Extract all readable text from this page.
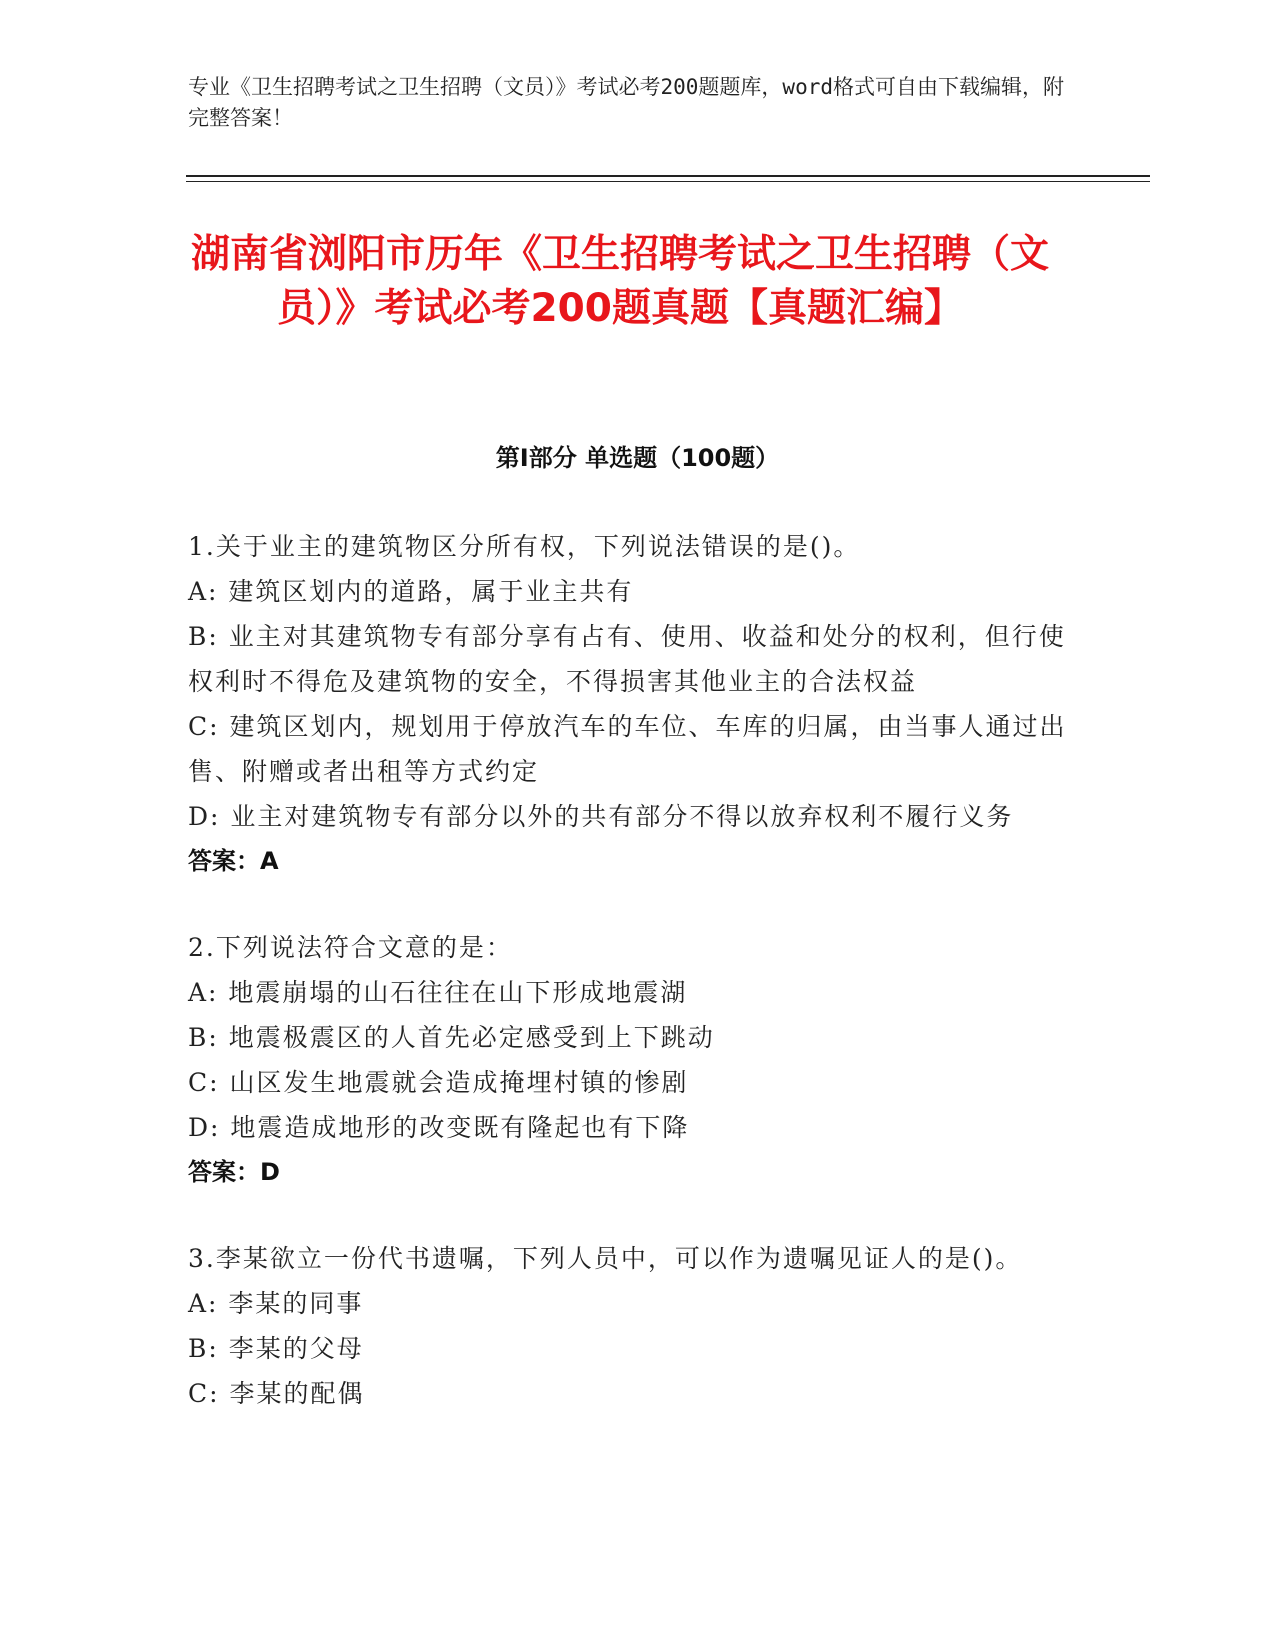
专业《卫生招聘考试之卫生招聘（文员）》考试必考200题题库，word格式可自由下载编辑，附完整答案！
湖南省浏阳市历年《卫生招聘考试之卫生招聘（文员）》考试必考200题真题【真题汇编】
第I部分 单选题（100题）
1.关于业主的建筑物区分所有权，下列说法错误的是()。
A: 建筑区划内的道路，属于业主共有
B: 业主对其建筑物专有部分享有占有、使用、收益和处分的权利，但行使权利时不得危及建筑物的安全，不得损害其他业主的合法权益
C: 建筑区划内，规划用于停放汽车的车位、车库的归属，由当事人通过出售、附赠或者出租等方式约定
D: 业主对建筑物专有部分以外的共有部分不得以放弃权利不履行义务
答案：A
2.下列说法符合文意的是：
A: 地震崩塌的山石往往在山下形成地震湖
B: 地震极震区的人首先必定感受到上下跳动
C: 山区发生地震就会造成掩埋村镇的惨剧
D: 地震造成地形的改变既有隆起也有下降
答案：D
3.李某欲立一份代书遗嘱，下列人员中，可以作为遗嘱见证人的是()。
A: 李某的同事
B: 李某的父母
C: 李某的配偶
